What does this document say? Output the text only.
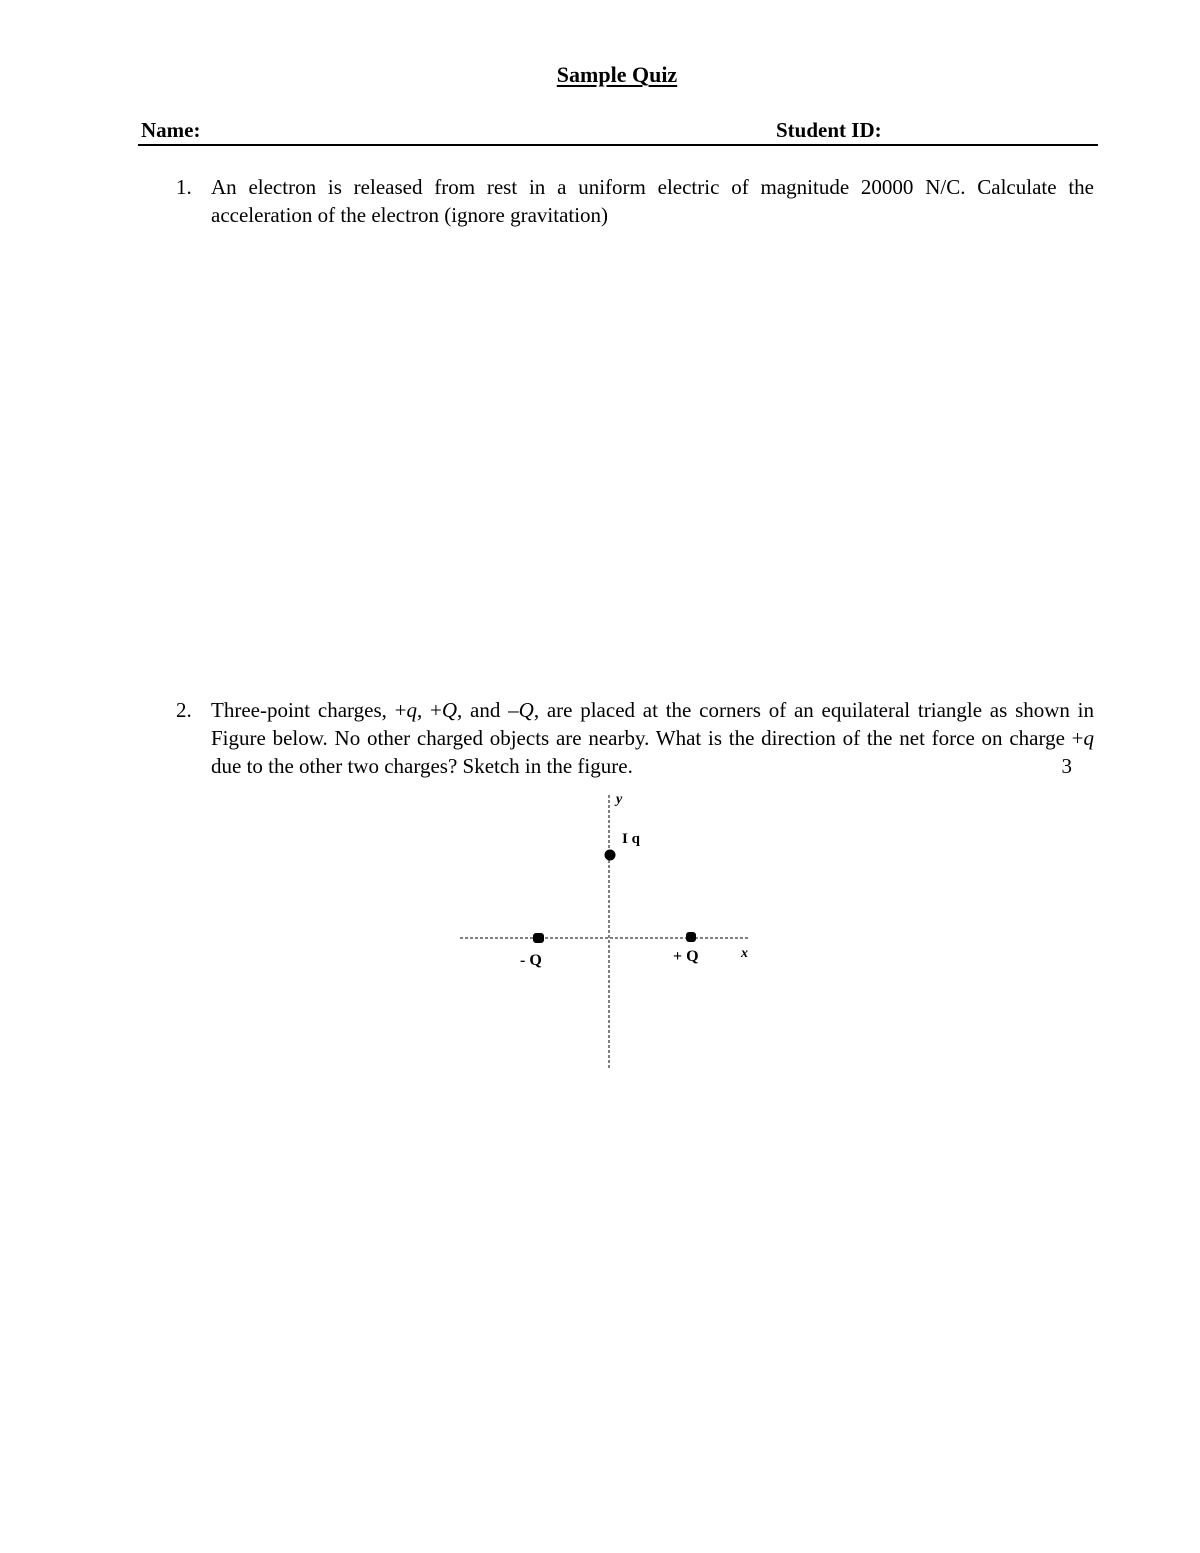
Sample Quiz
Name:	Student ID:
1. An electron is released from rest in a uniform electric of magnitude 20000 N/C. Calculate the acceleration of the electron (ignore gravitation)
2. Three-point charges, +q, +Q, and –Q, are placed at the corners of an equilateral triangle as shown in Figure below. No other charged objects are nearby. What is the direction of the net force on charge +q due to the other two charges? Sketch in the figure.	3
y
x
I q
- Q	+ Q
